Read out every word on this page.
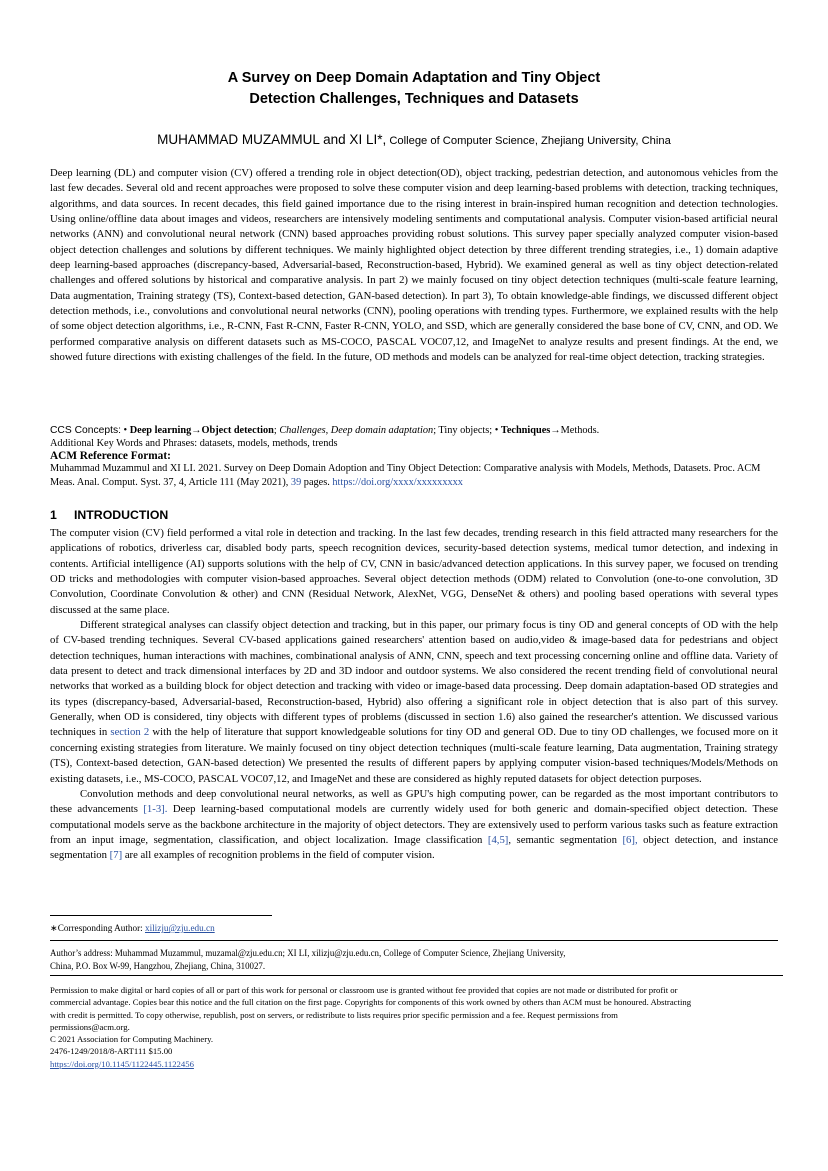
A Survey on Deep Domain Adaptation and Tiny Object
Detection Challenges, Techniques and Datasets
MUHAMMAD MUZAMMUL and XI LI*, College of Computer Science, Zhejiang University, China

Deep learning (DL) and computer vision (CV) offered a trending role in object detection(OD), object tracking, pedestrian detection, and autonomous vehicles from the last few decades. Several old and recent approaches were proposed to solve these computer vision and deep learning-based problems with detection, tracking techniques, algorithms, and data sources. In recent decades, this field gained importance due to the rising interest in brain-inspired human recognition and detection technologies. Using online/offline data about images and videos, researchers are intensively modeling sentiments and computational analysis. Computer vision-based artificial neural networks (ANN) and convolutional neural network (CNN) based approaches providing robust solutions. This survey paper specially analyzed computer vision-based object detection challenges and solutions by different techniques. We mainly highlighted object detection by three different trending strategies, i.e., 1) domain adaptive deep learning-based approaches (discrepancy-based, Adversarial-based, Reconstruction-based, Hybrid). We examined general as well as tiny object detection-related challenges and offered solutions by historical and comparative analysis. In part 2) we mainly focused on tiny object detection techniques (multi-scale feature learning, Data augmentation, Training strategy (TS), Context-based detection, GAN-based detection). In part 3), To obtain knowledge-able findings, we discussed different object detection methods, i.e., convolutions and convolutional neural networks (CNN), pooling operations with trending types. Furthermore, we explained results with the help of some object detection algorithms, i.e., R-CNN, Fast R-CNN, Faster R-CNN, YOLO, and SSD, which are generally considered the base bone of CV, CNN, and OD. We performed comparative analysis on different datasets such as MS-COCO, PASCAL VOC07,12, and ImageNet to analyze results and present findings. At the end, we showed future directions with existing challenges of the field. In the future, OD methods and models can be analyzed for real-time object detection, tracking strategies.

CCS Concepts: • Deep learning→Object detection; Challenges, Deep domain adaptation; Tiny objects; • Techniques→Methods.
Additional Key Words and Phrases: datasets, models, methods, trends
ACM Reference Format:
Muhammad Muzammul and XI LI. 2021. Survey on Deep Domain Adoption and Tiny Object Detection: Comparative analysis with Models, Methods, Datasets. Proc. ACM Meas. Anal. Comput. Syst. 37, 4, Article 111 (May 2021), 39 pages. https://doi.org/xxxx/xxxxxxxxx
1 INTRODUCTION

The computer vision (CV) field performed a vital role in detection and tracking. In the last few decades, trending research in this field attracted many researchers for the applications of robotics, driverless car, disabled body parts, speech recognition devices, security-based detection systems, medical tumor detection, and indexing in contents. Artificial intelligence (AI) supports solutions with the help of CV, CNN in basic/advanced detection applications. In this survey paper, we focused on trending OD tricks and methodologies with computer vision-based approaches. Several object detection methods (ODM) related to Convolution (one-to-one convolution, 3D Convolution, Coordinate Convolution & other) and CNN (Residual Network, AlexNet, VGG, DenseNet & others) and pooling based operations with several types discussed at the same place.

Different strategical analyses can classify object detection and tracking, but in this paper, our primary focus is tiny OD and general concepts of OD with the help of CV-based trending techniques. Several CV-based applications gained researchers' attention based on audio,video & image-based data for pedestrians and object detection techniques, human interactions with machines, combinational analysis of ANN, CNN, speech and text processing concerning online and offline data. Variety of data present to detect and track dimensional interfaces by 2D and 3D indoor and outdoor systems. We also considered the recent trending field of convolutional neural networks that worked as a building block for object detection and tracking with video or image-based data processing. Deep domain adaptation-based OD strategies and its types (discrepancy-based, Adversarial-based, Reconstruction-based, Hybrid) also offering a significant role in object detection that is also part of this survey. Generally, when OD is considered, tiny objects with different types of problems (discussed in section 1.6) also gained the researcher's attention. We discussed various techniques in section 2 with the help of literature that support knowledgeable solutions for tiny OD and general OD. Due to tiny OD challenges, we focused more on it concerning existing strategies from literature. We mainly focused on tiny object detection techniques (multi-scale feature learning, Data augmentation, Training strategy (TS), Context-based detection, GAN-based detection) We presented the results of different papers by applying computer vision-based techniques/Models/Methods on existing datasets, i.e., MS-COCO, PASCAL VOC07,12, and ImageNet and these are considered as highly reputed datasets for object detection purposes.

Convolution methods and deep convolutional neural networks, as well as GPU's high computing power, can be regarded as the most important contributors to these advancements [1-3]. Deep learning-based computational models are currently widely used for both generic and domain-specified object detection. These computational models serve as the backbone architecture in the majority of object detectors. They are extensively used to perform various tasks such as feature extraction from an input image, segmentation, classification, and object localization. Image classification [4,5], semantic segmentation [6], object detection, and instance segmentation [7] are all examples of recognition problems in the field of computer vision.

∗Corresponding Author: xilizju@zju.edu.cn
Author’s address: Muhammad Muzammul, muzamal@zju.edu.cn; XI LI, xilizju@zju.edu.cn, College of Computer Science, Zhejiang University,
China, P.O. Box W-99, Hangzhou, Zhejiang, China, 310027.
Permission to make digital or hard copies of all or part of this work for personal or classroom use is granted without fee provided that copies are not made or distributed for profit or
commercial advantage. Copies bear this notice and the full citation on the first page. Copyrights for components of this work owned by others than ACM must be honoured. Abstracting
with credit is permitted. To copy otherwise, republish, post on servers, or redistribute to lists requires prior specific permission and a fee. Request permissions from
permissions@acm.org.
C 2021 Association for Computing Machinery.
2476-1249/2018/8-ART111 $15.00
https://doi.org/10.1145/1122445.1122456
